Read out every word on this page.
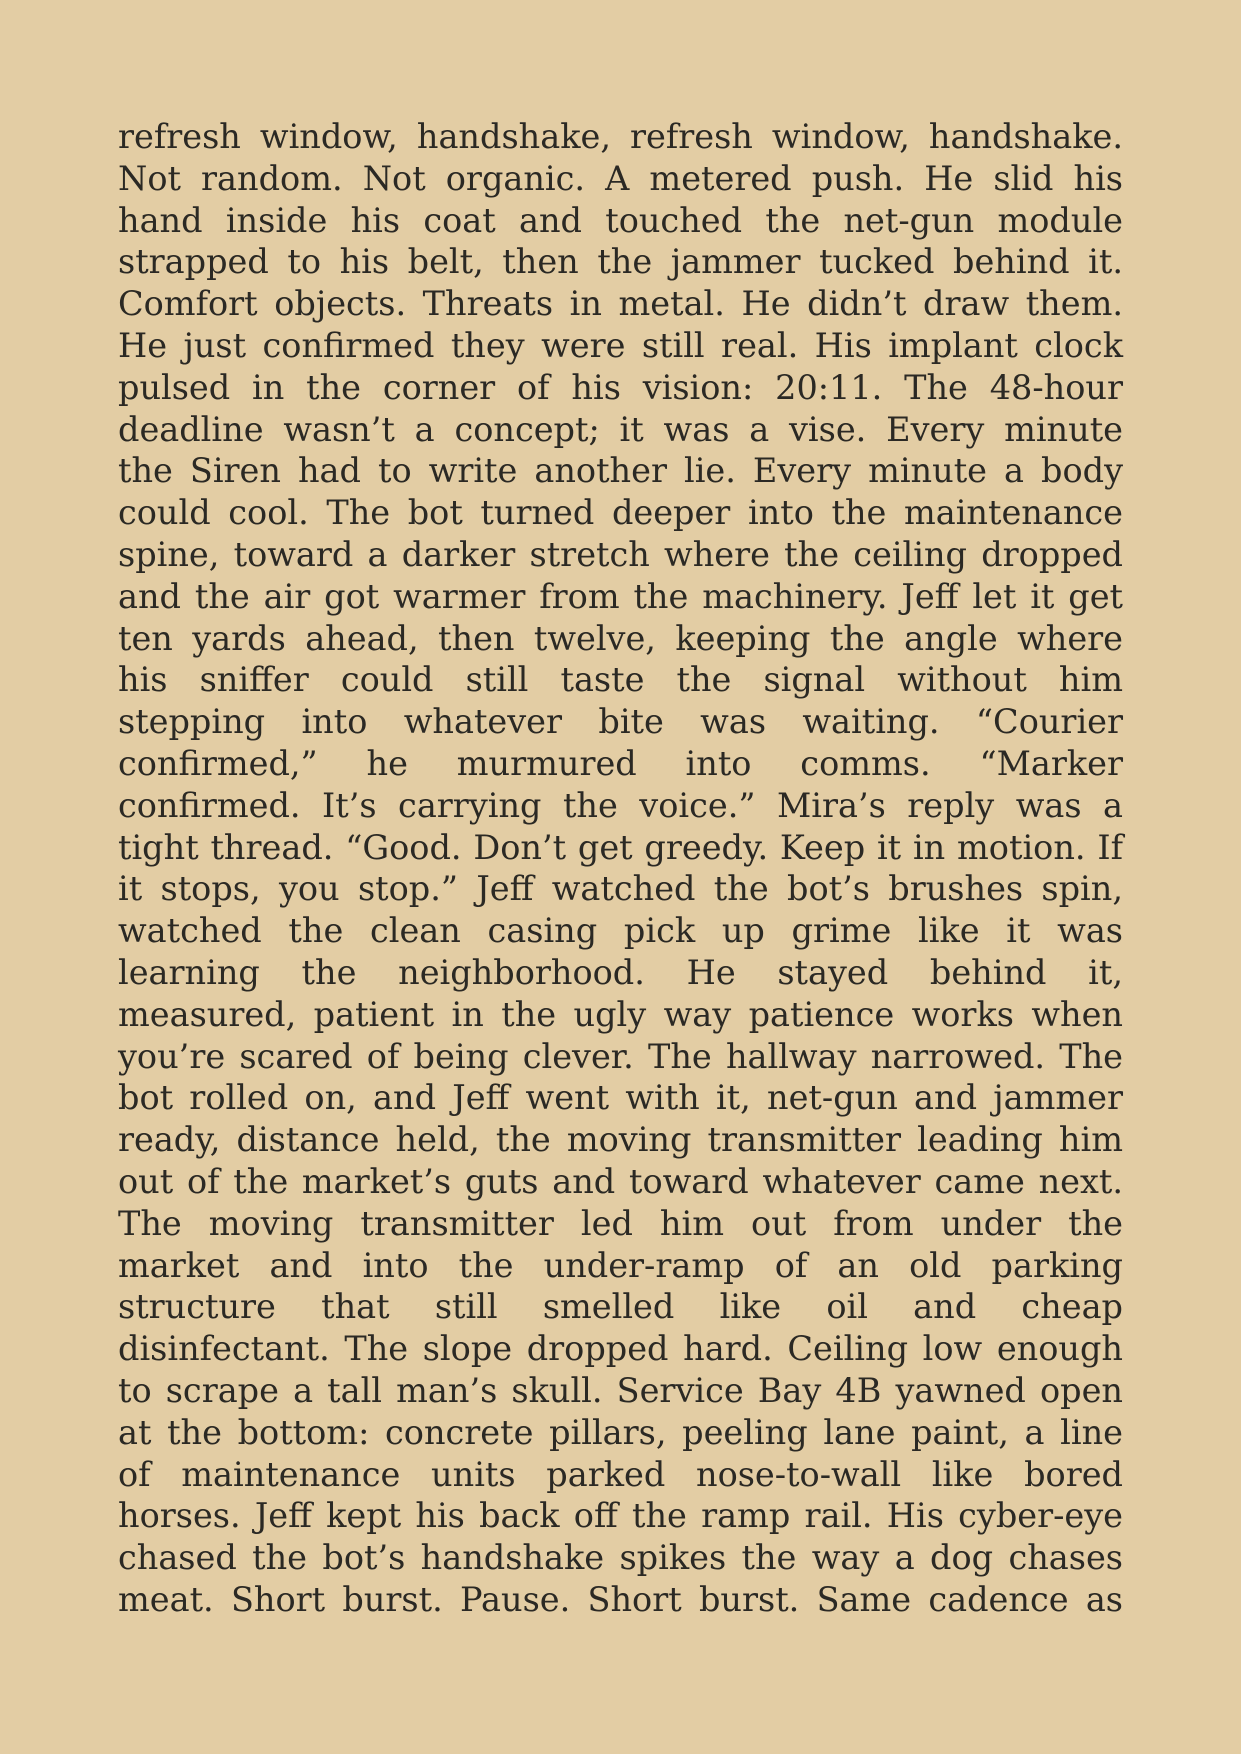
refresh window, handshake, refresh window, handshake.
Not random. Not organic. A metered push. He slid his
hand inside his coat and touched the net-gun module
strapped to his belt, then the jammer tucked behind it.
Comfort objects. Threats in metal. He didn’t draw them.
He just confirmed they were still real. His implant clock
pulsed in the corner of his vision: 20:11. The 48-hour
deadline wasn’t a concept; it was a vise. Every minute
the Siren had to write another lie. Every minute a body
could cool. The bot turned deeper into the maintenance
spine, toward a darker stretch where the ceiling dropped
and the air got warmer from the machinery. Jeff let it get
ten yards ahead, then twelve, keeping the angle where
his sniffer could still taste the signal without him
stepping into whatever bite was waiting. “Courier
confirmed,” he murmured into comms. “Marker
confirmed. It’s carrying the voice.” Mira’s reply was a
tight thread. “Good. Don’t get greedy. Keep it in motion. If
it stops, you stop.” Jeff watched the bot’s brushes spin,
watched the clean casing pick up grime like it was
learning the neighborhood. He stayed behind it,
measured, patient in the ugly way patience works when
you’re scared of being clever. The hallway narrowed. The
bot rolled on, and Jeff went with it, net-gun and jammer
ready, distance held, the moving transmitter leading him
out of the market’s guts and toward whatever came next.
The moving transmitter led him out from under the
market and into the under-ramp of an old parking
structure that still smelled like oil and cheap
disinfectant. The slope dropped hard. Ceiling low enough
to scrape a tall man’s skull. Service Bay 4B yawned open
at the bottom: concrete pillars, peeling lane paint, a line
of maintenance units parked nose-to-wall like bored
horses. Jeff kept his back off the ramp rail. His cyber-eye
chased the bot’s handshake spikes the way a dog chases
meat. Short burst. Pause. Short burst. Same cadence as
